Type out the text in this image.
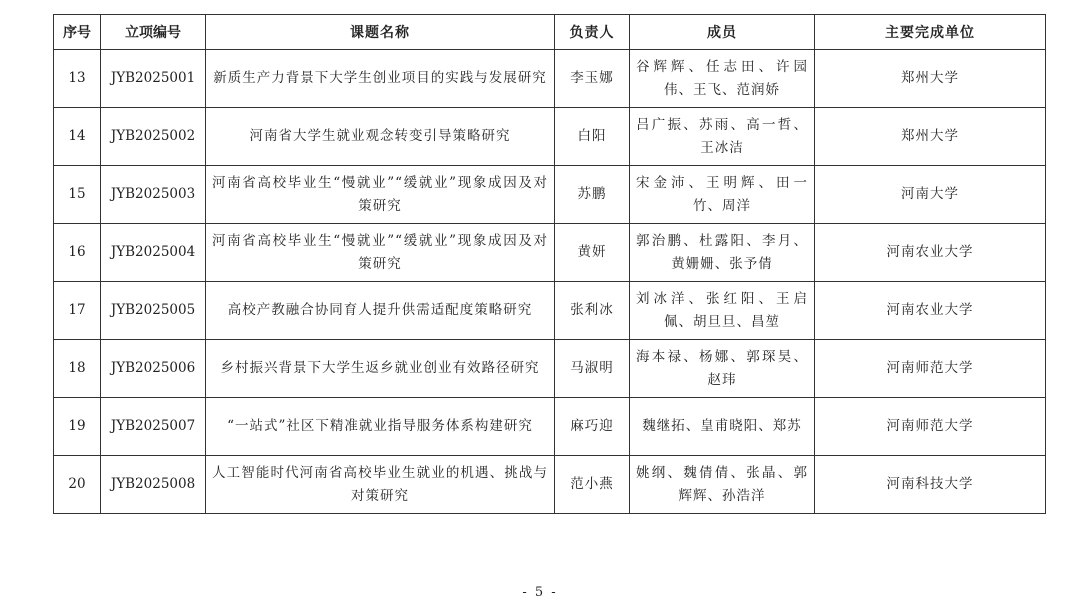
序号	立项编号	课题名称	负责人	成员	主要完成单位
13	JYB2025001	新质生产力背景下大学生创业项目的实践与发展研究	李玉娜	谷辉辉、任志田、许园伟、王飞、范润娇	郑州大学
14	JYB2025002	河南省大学生就业观念转变引导策略研究	白阳	吕广振、苏雨、高一哲、王冰洁	郑州大学
15	JYB2025003	河南省高校毕业生“慢就业”“缓就业”现象成因及对策研究	苏鹏	宋金沛、王明辉、田一竹、周洋	河南大学
16	JYB2025004	河南省高校毕业生“慢就业”“缓就业”现象成因及对策研究	黄妍	郭治鹏、杜露阳、李月、黄姗姗、张予倩	河南农业大学
17	JYB2025005	高校产教融合协同育人提升供需适配度策略研究	张利冰	刘冰洋、张红阳、王启佩、胡旦旦、昌堃	河南农业大学
18	JYB2025006	乡村振兴背景下大学生返乡就业创业有效路径研究	马淑明	海本禄、杨娜、郭琛昊、赵玮	河南师范大学
19	JYB2025007	“一站式”社区下精准就业指导服务体系构建研究	麻巧迎	魏继拓、皇甫晓阳、郑苏	河南师范大学
20	JYB2025008	人工智能时代河南省高校毕业生就业的机遇、挑战与对策研究	范小燕	姚纲、魏倩倩、张晶、郭辉辉、孙浩洋	河南科技大学
- 5 -
